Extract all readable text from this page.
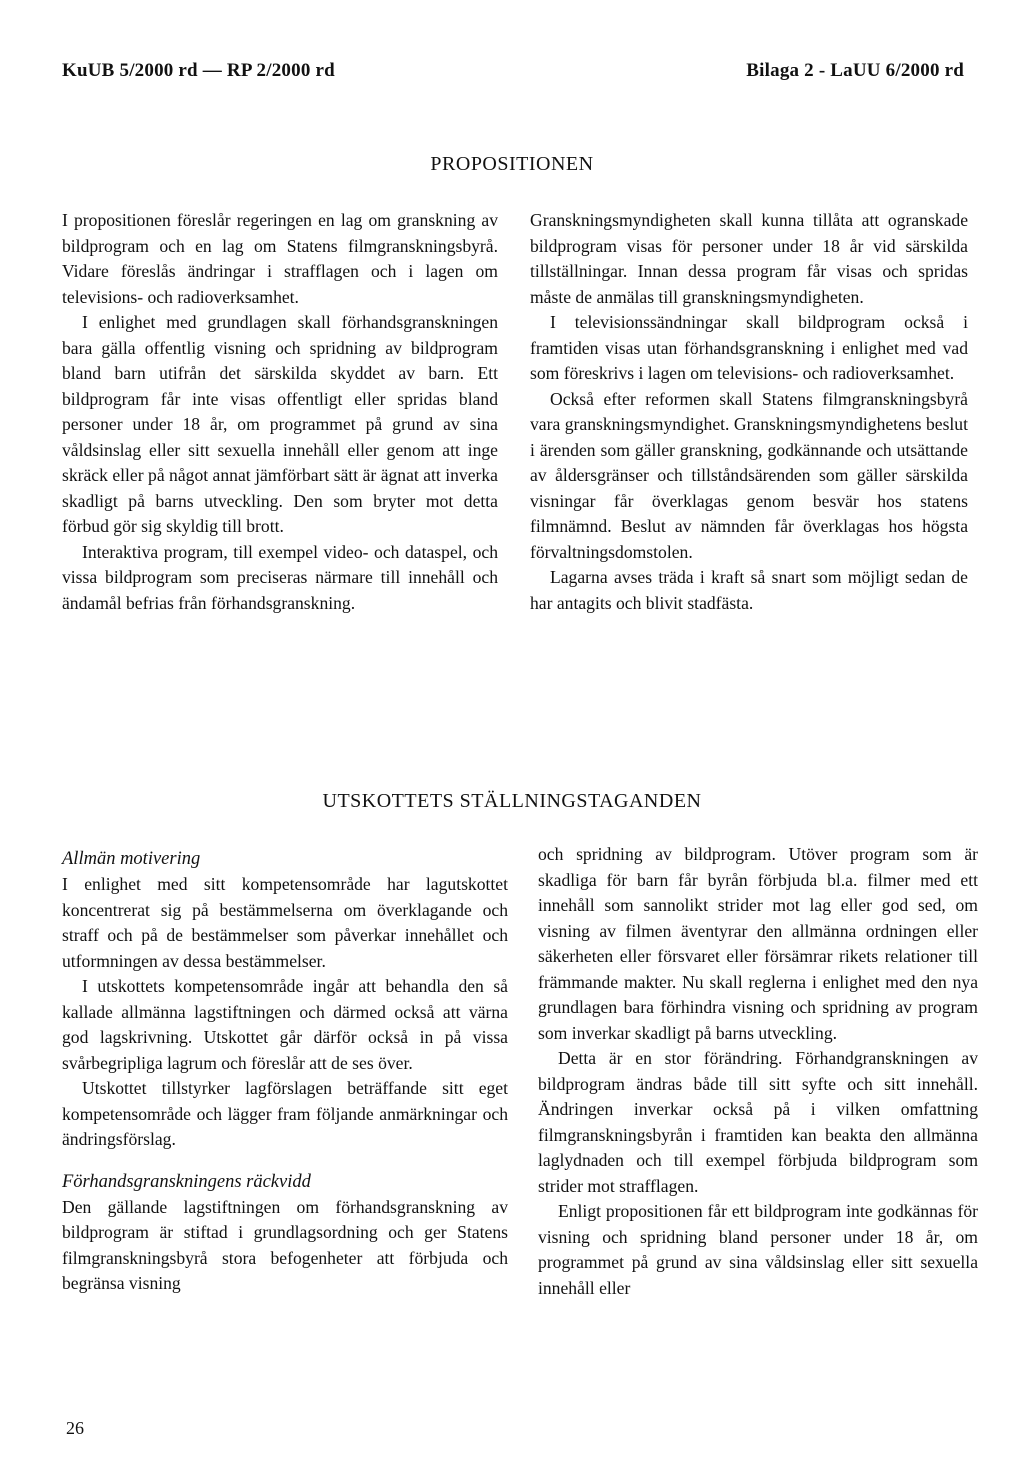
KuUB 5/2000 rd — RP 2/2000 rd	Bilaga 2 - LaUU 6/2000 rd
PROPOSITIONEN

I propositionen föreslår regeringen en lag om granskning av bildprogram och en lag om Statens filmgranskningsbyrå. Vidare föreslås ändringar i strafflagen och i lagen om televisions- och radioverksamhet.

I enlighet med grundlagen skall förhandsgranskningen bara gälla offentlig visning och spridning av bildprogram bland barn utifrån det särskilda skyddet av barn. Ett bildprogram får inte visas offentligt eller spridas bland personer under 18 år, om programmet på grund av sina våldsinslag eller sitt sexuella innehåll eller genom att inge skräck eller på något annat jämförbart sätt är ägnat att inverka skadligt på barns utveckling. Den som bryter mot detta förbud gör sig skyldig till brott.

Interaktiva program, till exempel video- och dataspel, och vissa bildprogram som preciseras närmare till innehåll och ändamål befrias från förhandsgranskning.

Granskningsmyndigheten skall kunna tillåta att ogranskade bildprogram visas för personer under 18 år vid särskilda tillställningar. Innan dessa program får visas och spridas måste de anmälas till granskningsmyndigheten.

I televisionssändningar skall bildprogram också i framtiden visas utan förhandsgranskning i enlighet med vad som föreskrivs i lagen om televisions- och radioverksamhet.

Också efter reformen skall Statens filmgranskningsbyrå vara granskningsmyndighet. Granskningsmyndighetens beslut i ärenden som gäller granskning, godkännande och utsättande av åldersgränser och tillståndsärenden som gäller särskilda visningar får överklagas genom besvär hos statens filmnämnd. Beslut av nämnden får överklagas hos högsta förvaltningsdomstolen.

Lagarna avses träda i kraft så snart som möjligt sedan de har antagits och blivit stadfästa.

UTSKOTTETS STÄLLNINGSTAGANDEN
Allmän motivering

I enlighet med sitt kompetensområde har lagutskottet koncentrerat sig på bestämmelserna om överklagande och straff och på de bestämmelser som påverkar innehållet och utformningen av dessa bestämmelser.

I utskottets kompetensområde ingår att behandla den så kallade allmänna lagstiftningen och därmed också att värna god lagskrivning. Utskottet går därför också in på vissa svårbegripliga lagrum och föreslår att de ses över.

Utskottet tillstyrker lagförslagen beträffande sitt eget kompetensområde och lägger fram följande anmärkningar och ändringsförslag.

Förhandsgranskningens räckvidd

Den gällande lagstiftningen om förhandsgranskning av bildprogram är stiftad i grundlagsordning och ger Statens filmgranskningsbyrå stora befogenheter att förbjuda och begränsa visning

och spridning av bildprogram. Utöver program som är skadliga för barn får byrån förbjuda bl.a. filmer med ett innehåll som sannolikt strider mot lag eller god sed, om visning av filmen äventyrar den allmänna ordningen eller säkerheten eller försvaret eller försämrar rikets relationer till främmande makter. Nu skall reglerna i enlighet med den nya grundlagen bara förhindra visning och spridning av program som inverkar skadligt på barns utveckling.

Detta är en stor förändring. Förhandgranskningen av bildprogram ändras både till sitt syfte och sitt innehåll. Ändringen inverkar också på i vilken omfattning filmgranskningsbyrån i framtiden kan beakta den allmänna laglydnaden och till exempel förbjuda bildprogram som strider mot strafflagen.

Enligt propositionen får ett bildprogram inte godkännas för visning och spridning bland personer under 18 år, om programmet på grund av sina våldsinslag eller sitt sexuella innehåll eller

26
